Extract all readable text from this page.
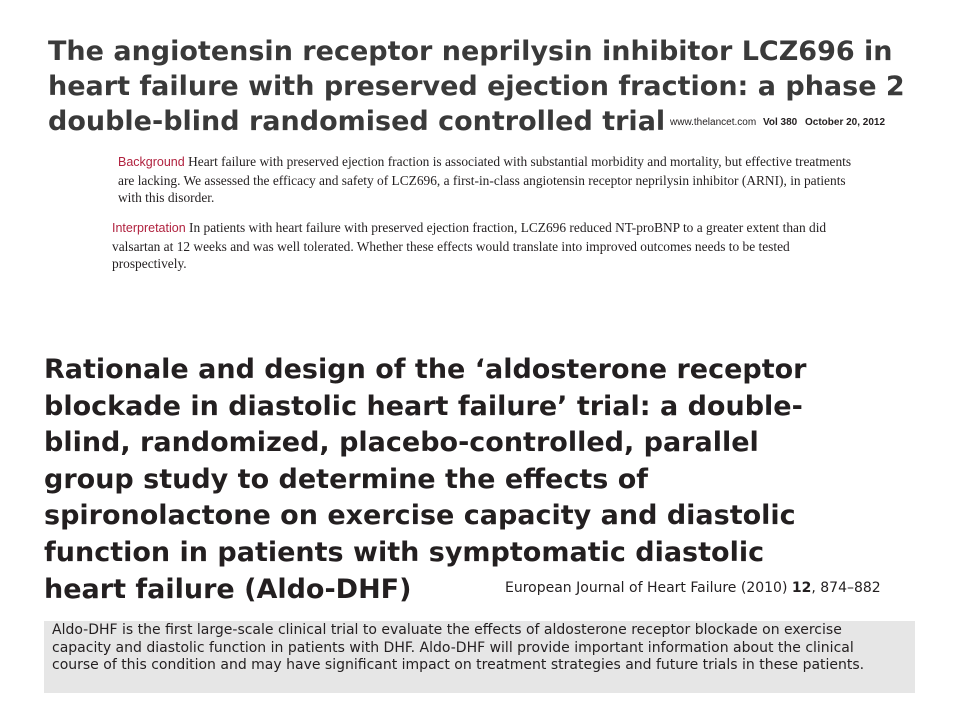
The angiotensin receptor neprilysin inhibitor LCZ696 in
heart failure with preserved ejection fraction: a phase 2
double-blind randomised controlled trial www.thelancet.com Vol 380 October 20, 2012

Background Heart failure with preserved ejection fraction is associated with substantial morbidity and mortality, but effective treatments are lacking. We assessed the efficacy and safety of LCZ696, a first-in-class angiotensin receptor neprilysin inhibitor (ARNI), in patients with this disorder.

Interpretation In patients with heart failure with preserved ejection fraction, LCZ696 reduced NT-proBNP to a greater extent than did valsartan at 12 weeks and was well tolerated. Whether these effects would translate into improved outcomes needs to be tested prospectively.

Rationale and design of the ‘aldosterone receptor
blockade in diastolic heart failure’ trial: a double-
blind, randomized, placebo-controlled, parallel
group study to determine the effects of
spironolactone on exercise capacity and diastolic
function in patients with symptomatic diastolic
heart failure (Aldo-DHF)	European Journal of Heart Failure (2010) 12, 874–882
Aldo-DHF is the first large-scale clinical trial to evaluate the effects of aldosterone receptor blockade on exercise
capacity and diastolic function in patients with DHF. Aldo-DHF will provide important information about the clinical
course of this condition and may have significant impact on treatment strategies and future trials in these patients.
